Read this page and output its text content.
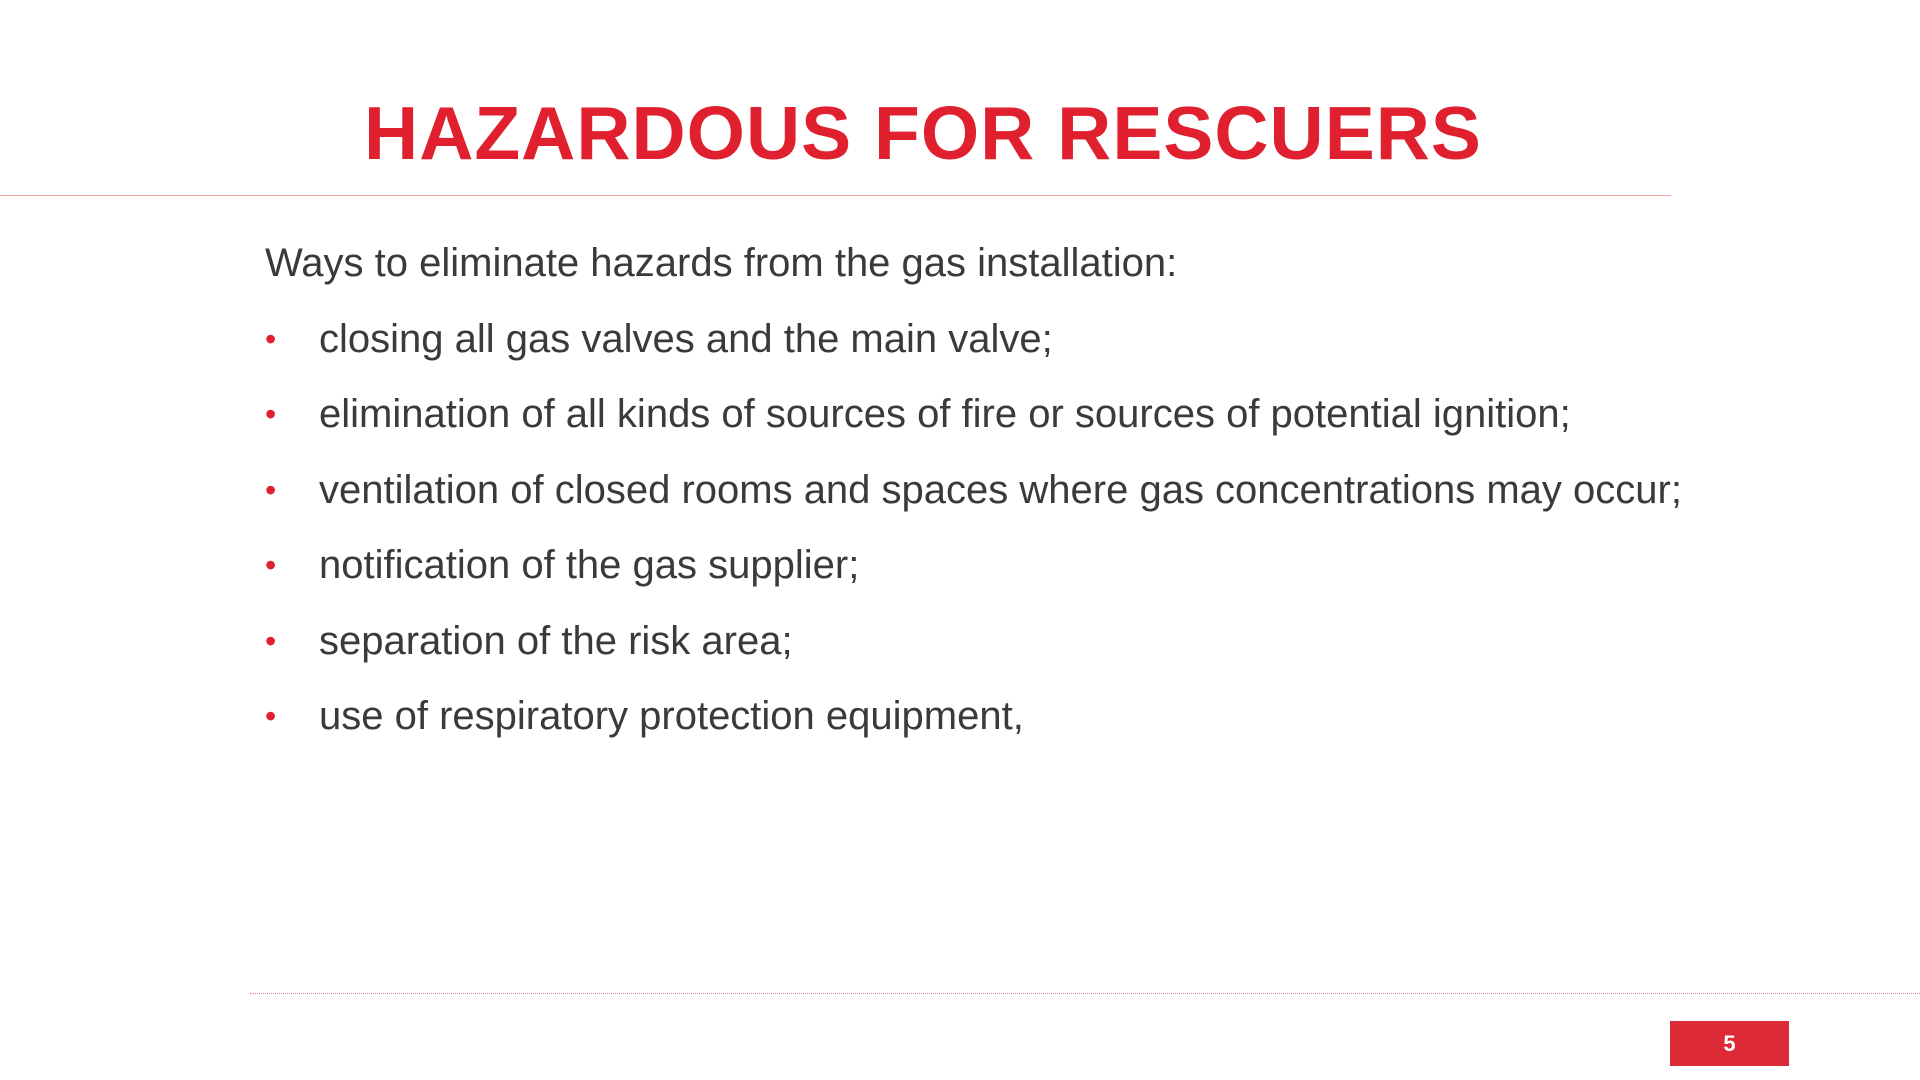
HAZARDOUS FOR RESCUERS

Ways to eliminate hazards from the gas installation:

• closing all gas valves and the main valve;
• elimination of all kinds of sources of fire or sources of potential ignition;
• ventilation of closed rooms and spaces where gas concentrations may occur;
• notification of the gas supplier;
• separation of the risk area;
• use of respiratory protection equipment,
5
